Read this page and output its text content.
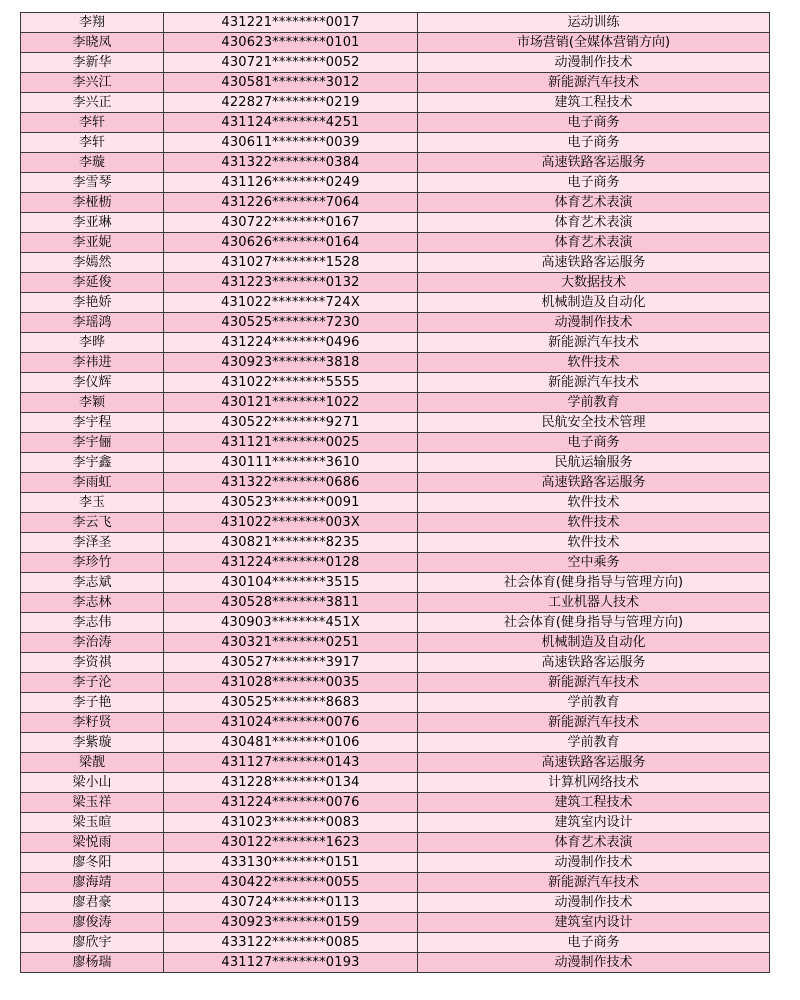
李翔	431221********0017	运动训练
李晓凤	430623********0101	市场营销(全媒体营销方向)
李新华	430721********0052	动漫制作技术
李兴江	430581********3012	新能源汽车技术
李兴正	422827********0219	建筑工程技术
李轩	431124********4251	电子商务
李轩	430611********0039	电子商务
李璇	431322********0384	高速铁路客运服务
李雪琴	431126********0249	电子商务
李桠枥	431226********7064	体育艺术表演
李亚琳	430722********0167	体育艺术表演
李亚妮	430626********0164	体育艺术表演
李嫣然	431027********1528	高速铁路客运服务
李延俊	431223********0132	大数据技术
李艳娇	431022********724X	机械制造及自动化
李瑶鸿	430525********7230	动漫制作技术
李晔	431224********0496	新能源汽车技术
李祎进	430923********3818	软件技术
李仪辉	431022********5555	新能源汽车技术
李颖	430121********1022	学前教育
李宇程	430522********9271	民航安全技术管理
李宇俪	431121********0025	电子商务
李宇鑫	430111********3610	民航运输服务
李雨虹	431322********0686	高速铁路客运服务
李玉	430523********0091	软件技术
李云飞	431022********003X	软件技术
李泽圣	430821********8235	软件技术
李珍竹	431224********0128	空中乘务
李志斌	430104********3515	社会体育(健身指导与管理方向)
李志林	430528********3811	工业机器人技术
李志伟	430903********451X	社会体育(健身指导与管理方向)
李治涛	430321********0251	机械制造及自动化
李资祺	430527********3917	高速铁路客运服务
李子沦	431028********0035	新能源汽车技术
李子艳	430525********8683	学前教育
李籽贤	431024********0076	新能源汽车技术
李紫璇	430481********0106	学前教育
梁靓	431127********0143	高速铁路客运服务
梁小山	431228********0134	计算机网络技术
梁玉祥	431224********0076	建筑工程技术
梁玉暄	431023********0083	建筑室内设计
梁悦雨	430122********1623	体育艺术表演
廖冬阳	433130********0151	动漫制作技术
廖海靖	430422********0055	新能源汽车技术
廖君豪	430724********0113	动漫制作技术
廖俊涛	430923********0159	建筑室内设计
廖欣宇	433122********0085	电子商务
廖杨瑞	431127********0193	动漫制作技术
